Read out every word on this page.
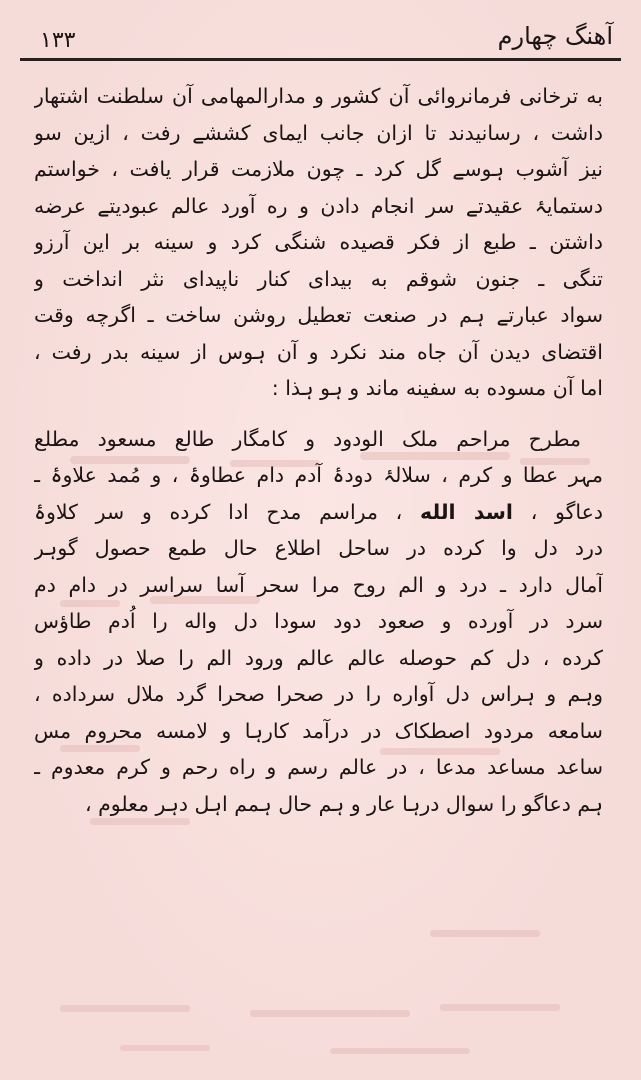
۱۳۳	آهنگ چهارم
به ترخانی فرمانروائی آن کشور و مدارالمهامی آن سلطنت اشتهار
داشت ، رسانیدند تا ازان جانب ایمای کششے رفت ، ازین سو
نیز آشوب ہوسے گل کرد ـ چون ملازمت قرار یافت ، خواستم
دستمایۂ عقیدتے سر انجام دادن و ره آورد عالم عبودیتے عرضه
داشتن ـ طبع از فکر قصیده شنگی کرد و سینه بر این آرزو
تنگی ـ جنون شوقم به بیدای کنار ناپیدای نثر انداخت و
سواد عبارتے ہم در صنعت تعطیل روشن ساخت ـ اگرچه وقت
اقتضای دیدن آن جاه مند نکرد و آن ہوس از سینه بدر رفت ،
اما آن مسوده به سفینه ماند و ہو ہذا :
مطرح مراحم ملک الودود و کامگار طالع مسعود مطلع
مہر عطا و کرم ، سلالۂ دودۂ آدم دام عطاوۂ ، و مُمد علاوۂ ـ
دعاگو ، اسد الله ، مراسم مدح ادا کرده و سر کلاوۂ
درد دل وا کرده در ساحل اطلاع حال طمع حصول گوہر
آمال دارد ـ درد و الم روح مرا سحر آسا سراسر در دام دم
سرد در آورده و صعود دود سودا دل واله را اُدم طاؤس
کرده ، دل کم حوصله عالم عالم ورود الم را صلا در داده و
وہم و ہراس دل آواره را در صحرا صحرا گرد ملال سرداده ،
سامعه مردود اصطکاک در درآمد کارہا و لامسه محروم مس
ساعد مساعد مدعا ، در عالم رسم و راه رحم و کرم معدوم ـ
ہم دعاگو را سوال درہا عار و ہم حال ہمم اہل دہر معلوم ،
